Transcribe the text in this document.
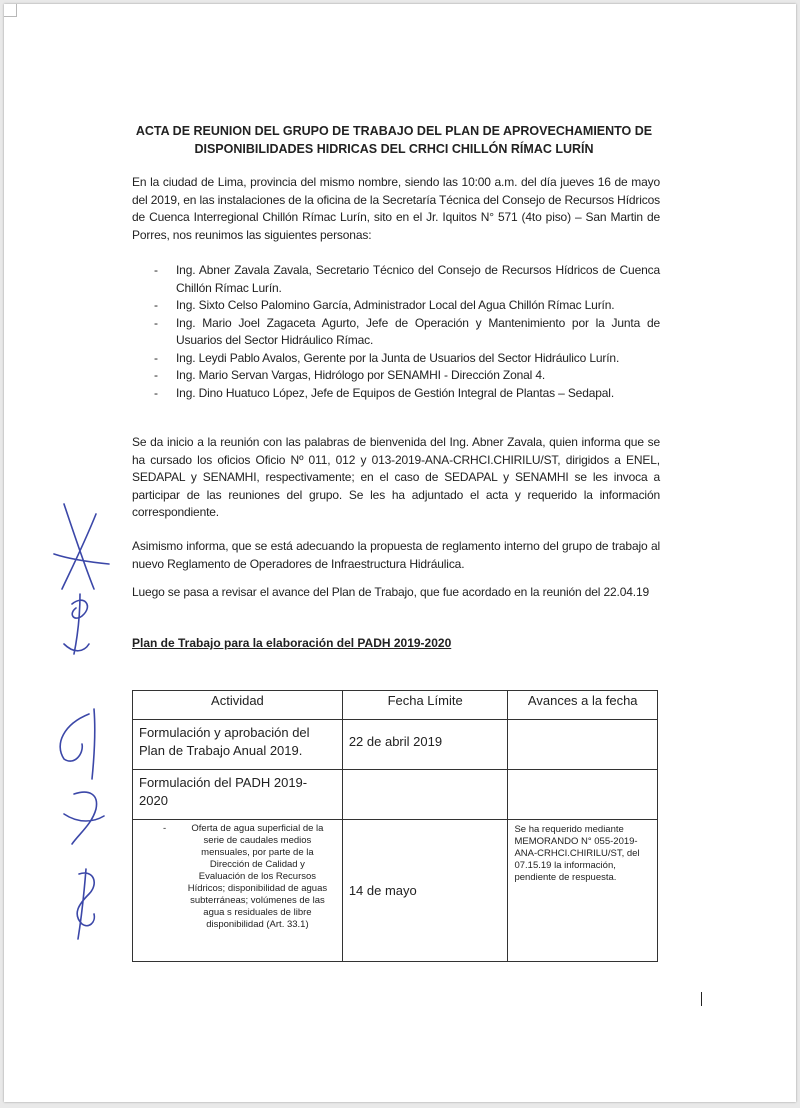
ACTA DE REUNION DEL GRUPO DE TRABAJO DEL PLAN DE APROVECHAMIENTO DE
DISPONIBILIDADES HIDRICAS DEL CRHCI CHILLÓN RÍMAC LURÍN
En la ciudad de Lima, provincia del mismo nombre, siendo las 10:00 a.m. del día jueves 16 de mayo del 2019, en las instalaciones de la oficina de la Secretaría Técnica del Consejo de Recursos Hídricos de Cuenca Interregional Chillón Rímac Lurín, sito en el Jr. Iquitos N° 571 (4to piso) – San Martin de Porres, nos reunimos las siguientes personas:
- Ing. Abner Zavala Zavala, Secretario Técnico del Consejo de Recursos Hídricos de Cuenca Chillón Rímac Lurín.
- Ing. Sixto Celso Palomino García, Administrador Local del Agua Chillón Rímac Lurín.
- Ing. Mario Joel Zagaceta Agurto, Jefe de Operación y Mantenimiento por la Junta de Usuarios del Sector Hidráulico Rímac.
- Ing. Leydi Pablo Avalos, Gerente por la Junta de Usuarios del Sector Hidráulico Lurín.
- Ing. Mario Servan Vargas, Hidrólogo por SENAMHI - Dirección Zonal 4.
- Ing. Dino Huatuco López, Jefe de Equipos de Gestión Integral de Plantas – Sedapal.
Se da inicio a la reunión con las palabras de bienvenida del Ing. Abner Zavala, quien informa que se ha cursado los oficios Oficio Nº 011, 012 y 013-2019-ANA-CRHCI.CHIRILU/ST, dirigidos a ENEL, SEDAPAL y SENAMHI, respectivamente; en el caso de SEDAPAL y SENAMHI se les invoca a participar de las reuniones del grupo. Se les ha adjuntado el acta y requerido la información correspondiente.
Asimismo informa, que se está adecuando la propuesta de reglamento interno del grupo de trabajo al nuevo Reglamento de Operadores de Infraestructura Hidráulica.
Luego se pasa a revisar el avance del Plan de Trabajo, que fue acordado en la reunión del 22.04.19
Plan de Trabajo para la elaboración del PADH 2019-2020
Actividad	Fecha Límite	Avances a la fecha
Formulación y aprobación del Plan de Trabajo Anual 2019.	22 de abril 2019	
Formulación del PADH 2019-2020		

- Oferta de agua superficial de la serie de caudales medios mensuales, por parte de la Dirección de Calidad y Evaluación de los Recursos Hídricos; disponibilidad de aguas subterráneas; volúmenes de las agua s residuales de libre disponibilidad (Art. 33.1)	14 de mayo	Se ha requerido mediante MEMORANDO N° 055-2019-ANA-CRHCI.CHIRILU/ST, del 07.15.19 la información, pendiente de respuesta.
